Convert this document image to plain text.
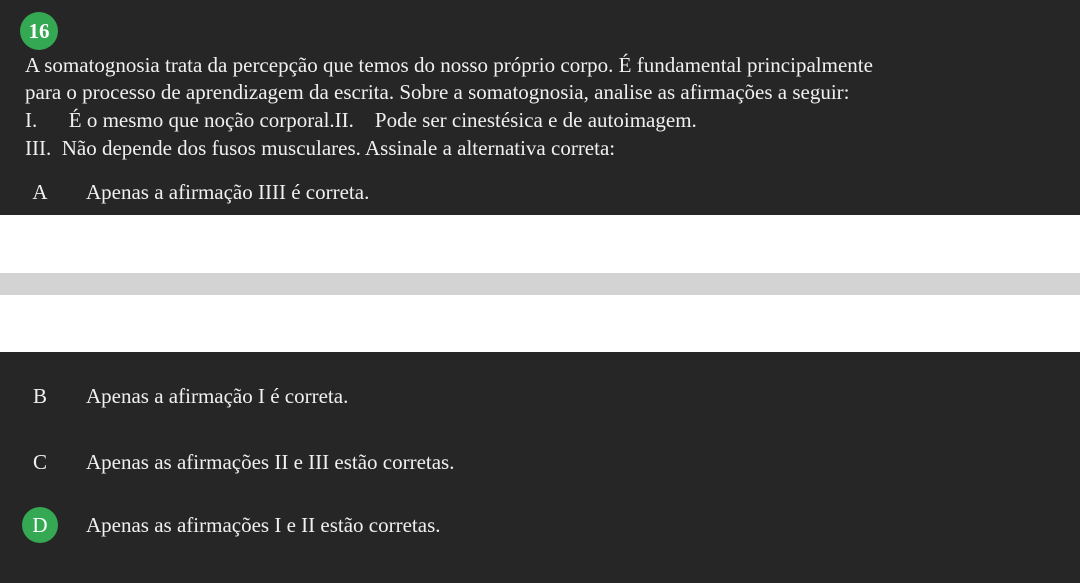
16
A somatognosia trata da percepção que temos do nosso próprio corpo. É fundamental principalmente
para o processo de aprendizagem da escrita. Sobre a somatognosia, analise as afirmações a seguir:
I.      É o mesmo que noção corporal.II.    Pode ser cinestésica e de autoimagem.
III.  Não depende dos fusos musculares. Assinale a alternativa correta:
A	Apenas a afirmação IIII é correta.
B	Apenas a afirmação I é correta.
C	Apenas as afirmações II e III estão corretas.
D	Apenas as afirmações I e II estão corretas.
